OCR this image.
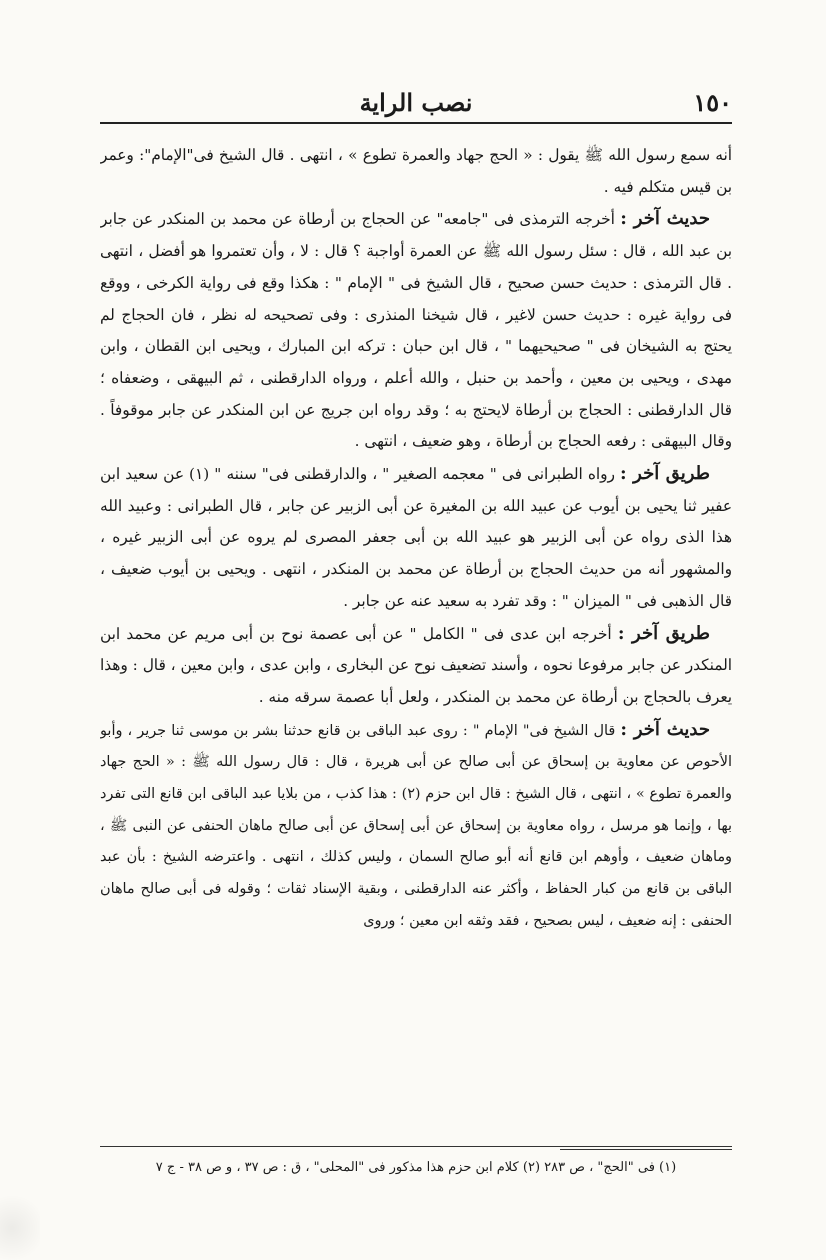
١٥٠
نصب الراية

أنه سمع رسول الله ﷺ يقول : « الحج جهاد والعمرة تطوع » ، انتهى . قال الشيخ فى"الإمام": وعمر بن قيس متكلم فيه .

حديث آخر : أخرجه الترمذى فى "جامعه" عن الحجاج بن أرطاة عن محمد بن المنكدر عن جابر بن عبد الله ، قال : سئل رسول الله ﷺ عن العمرة أواجبة ؟ قال : لا ، وأن تعتمروا هو أفضل ، انتهى . قال الترمذى : حديث حسن صحيح ، قال الشيخ فى " الإمام " : هكذا وقع فى رواية الكرخى ، ووقع فى رواية غيره : حديث حسن لاغير ، قال شيخنا المنذرى : وفى تصحيحه له نظر ، فان الحجاج لم يحتج به الشيخان فى " صحيحيهما " ، قال ابن حبان : تركه ابن المبارك ، ويحيى ابن القطان ، وابن مهدى ، ويحيى بن معين ، وأحمد بن حنبل ، والله أعلم ، ورواه الدارقطنى ، ثم البيهقى ، وضعفاه ؛ قال الدارقطنى : الحجاج بن أرطاة لايحتج به ؛ وقد رواه ابن جريج عن ابن المنكدر عن جابر موقوفاً . وقال البيهقى : رفعه الحجاج بن أرطاة ، وهو ضعيف ، انتهى .

طريق آخر : رواه الطبرانى فى " معجمه الصغير " ، والدارقطنى فى" سننه " (١) عن سعيد ابن عفير ثنا يحيى بن أيوب عن عبيد الله بن المغيرة عن أبى الزبير عن جابر ، قال الطبرانى : وعبيد الله هذا الذى رواه عن أبى الزبير هو عبيد الله بن أبى جعفر المصرى لم يروه عن أبى الزبير غيره ، والمشهور أنه من حديث الحجاج بن أرطاة عن محمد بن المنكدر ، انتهى . ويحيى بن أيوب ضعيف ، قال الذهبى فى " الميزان " : وقد تفرد به سعيد عنه عن جابر .

طريق آخر : أخرجه ابن عدى فى " الكامل " عن أبى عصمة نوح بن أبى مريم عن محمد ابن المنكدر عن جابر مرفوعا نحوه ، وأسند تضعيف نوح عن البخارى ، وابن عدى ، وابن معين ، قال : وهذا يعرف بالحجاج بن أرطاة عن محمد بن المنكدر ، ولعل أبا عصمة سرقه منه .

حديث آخر : قال الشيخ فى" الإمام " : روى عبد الباقى بن قانع حدثنا بشر بن موسى ثنا جرير ، وأبو الأحوص عن معاوية بن إسحاق عن أبى صالح عن أبى هريرة ، قال : قال رسول الله ﷺ : « الحج جهاد والعمرة تطوع » ، انتهى ، قال الشيخ : قال ابن حزم (٢) : هذا كذب ، من بلايا عبد الباقى ابن قانع التى تفرد بها ، وإنما هو مرسل ، رواه معاوية بن إسحاق عن أبى إسحاق عن أبى صالح ماهان الحنفى عن النبى ﷺ ، وماهان ضعيف ، وأوهم ابن قانع أنه أبو صالح السمان ، وليس كذلك ، انتهى . واعترضه الشيخ : بأن عبد الباقى بن قانع من كبار الحفاظ ، وأكثر عنه الدارقطنى ، وبقية الإسناد ثقات ؛ وقوله فى أبى صالح ماهان الحنفى : إنه ضعيف ، ليس بصحيح ، فقد وثقه ابن معين ؛ وروى

(١) فى "الحج" ، ص ٢٨٣ (٢) كلام ابن حزم هذا مذكور فى "المحلى" ، ق : ص ٣٧ ، و ص ٣٨ - ج ٧
